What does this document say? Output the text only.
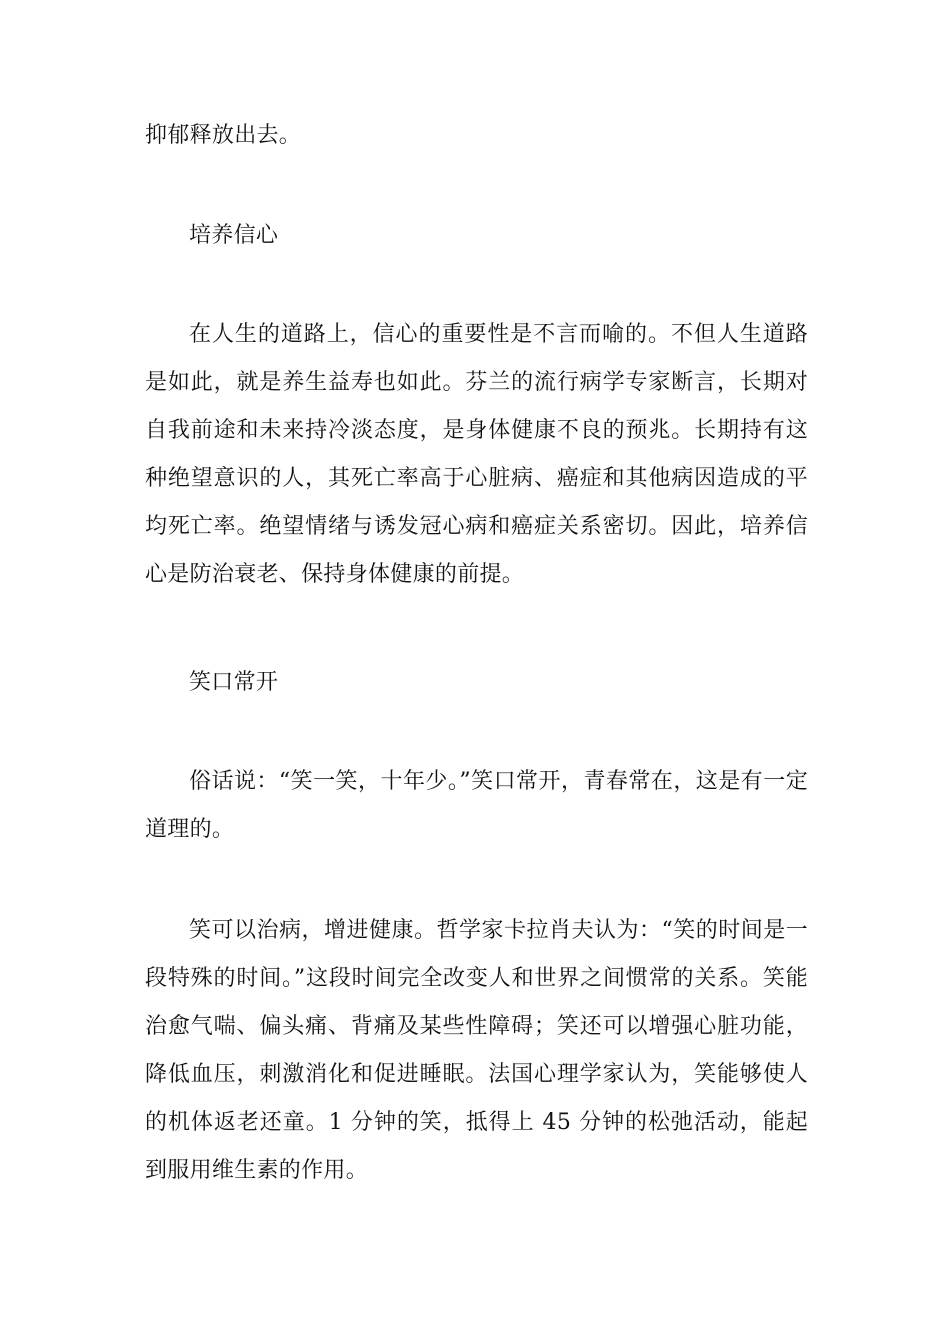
抑郁释放出去。

培养信心

在人生的道路上，信心的重要性是不言而喻的。不但人生道路是如此，就是养生益寿也如此。芬兰的流行病学专家断言，长期对自我前途和未来持冷淡态度，是身体健康不良的预兆。长期持有这种绝望意识的人，其死亡率高于心脏病、癌症和其他病因造成的平均死亡率。绝望情绪与诱发冠心病和癌症关系密切。因此，培养信心是防治衰老、保持身体健康的前提。

笑口常开

俗话说：“笑一笑，十年少。”笑口常开，青春常在，这是有一定道理的。

笑可以治病，增进健康。哲学家卡拉肖夫认为：“笑的时间是一段特殊的时间。”这段时间完全改变人和世界之间惯常的关系。笑能治愈气喘、偏头痛、背痛及某些性障碍；笑还可以增强心脏功能，降低血压，刺激消化和促进睡眠。法国心理学家认为，笑能够使人的机体返老还童。1 分钟的笑，抵得上 45 分钟的松弛活动，能起到服用维生素的作用。
